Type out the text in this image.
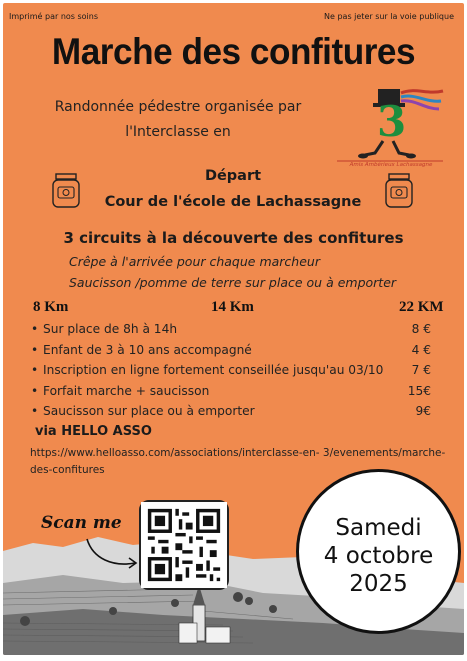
Imprimé par nos soins	Ne pas jeter sur la voie publique
Marche des confitures
Randonnée pédestre organisée par
l'Interclasse en	3
Amis Ambérieux Lachassagne
Départ
Cour de l'école de Lachassagne
3 circuits à la découverte des confitures
Crêpe à l'arrivée pour chaque marcheur
Saucisson /pomme de terre sur place ou à emporter
8 Km	14 Km	22 KM
• Sur place de 8h à 14h	8 €
• Enfant de 3 à 10 ans accompagné	4 €
• Inscription en ligne fortement conseillée jusqu'au 03/10	7 €
• Forfait marche + saucisson	15€
• Saucisson sur place ou à emporter	9€
via HELLO ASSO
https://www.helloasso.com/associations/interclasse-en- 3/evenements/marche-des-confitures
Scan me	Samedi
4 octobre
2025
